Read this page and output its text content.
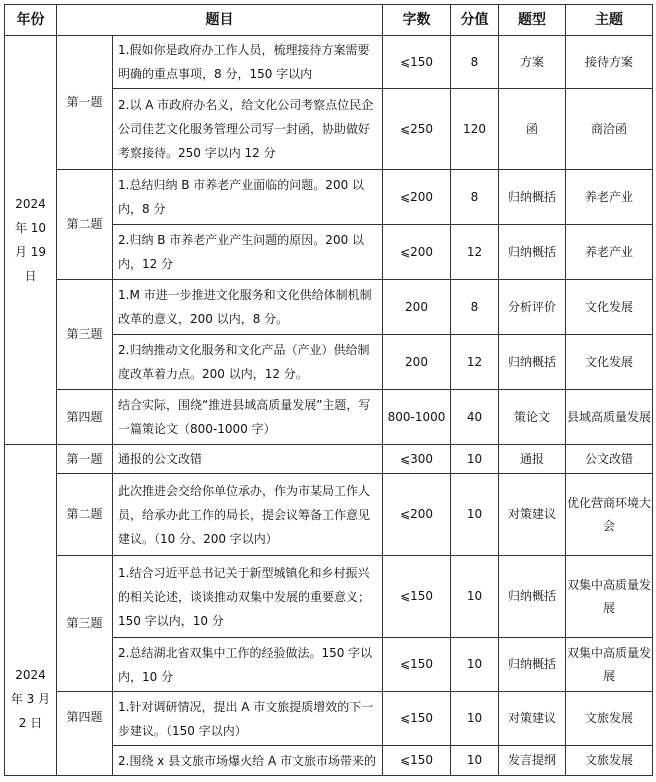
年份	题目		字数	分值	题型	主题
2024 年 10 月 19 日	第一题	1.假如你是政府办工作人员，梳理接待方案需要明确的重点事项，8 分，150 字以内	⩽150	8	方案	接待方案
		2.以 A 市政府办名义，给文化公司考察点位民企公司佳艺文化服务管理公司写一封函，协助做好考察接待。250 字以内 12 分	⩽250	120	函	商洽函
	第二题	1.总结归纳 B 市养老产业面临的问题。200 以内，8 分	⩽200	8	归纳概括	养老产业
		2.归纳 B 市养老产业产生问题的原因。200 以内，12 分	⩽200	12	归纳概括	养老产业
	第三题	1.M 市进一步推进文化服务和文化供给体制机制改革的意义，200 以内，8 分。	200	8	分析评价	文化发展
		2.归纳推动文化服务和文化产品（产业）供给制度改革着力点。200 以内，12 分。	200	12	归纳概括	文化发展
	第四题	结合实际，围绕“推进县域高质量发展”主题，写一篇策论文（800-1000 字）	800-1000	40	策论文	县域高质量发展
2024 年 3 月 2 日	第一题	通报的公文改错	⩽300	10	通报	公文改错
	第二题	此次推进会交给你单位承办，作为市某局工作人员，给承办此工作的局长，提会议筹备工作意见建议。（10 分、200 字以内）	⩽200	10	对策建议	优化营商环境大会
	第三题	1.结合习近平总书记关于新型城镇化和乡村振兴的相关论述，谈谈推动双集中发展的重要意义；150 字以内，10 分	⩽150	10	归纳概括	双集中高质量发展
		2.总结湖北省双集中工作的经验做法。150 字以内，10 分	⩽150	10	归纳概括	双集中高质量发展
	第四题	1.针对调研情况，提出 A 市文旅提质增效的下一步建议。（150 字以内）	⩽150	10	对策建议	文旅发展
		2.围绕 x 县文旅市场爆火给 A 市文旅市场带来的	⩽150	10	发言提纲	文旅发展
